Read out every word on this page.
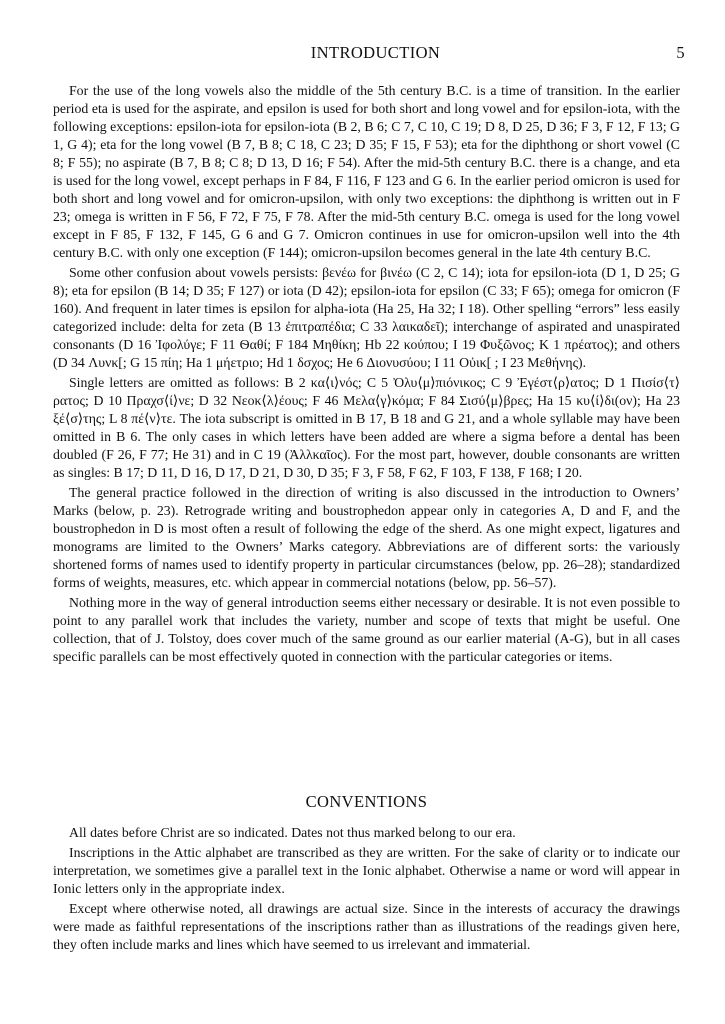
INTRODUCTION	5

For the use of the long vowels also the middle of the 5th century B.C. is a time of transition. In the earlier period eta is used for the aspirate, and epsilon is used for both short and long vowel and for epsilon-iota, with the following exceptions: epsilon-iota for epsilon-iota (B 2, B 6; C 7, C 10, C 19; D 8, D 25, D 36; F 3, F 12, F 13; G 1, G 4); eta for the long vowel (B 7, B 8; C 18, C 23; D 35; F 15, F 53); eta for the diphthong or short vowel (C 8; F 55); no aspirate (B 7, B 8; C 8; D 13, D 16; F 54). After the mid-5th century B.C. there is a change, and eta is used for the long vowel, except perhaps in F 84, F 116, F 123 and G 6. In the earlier period omicron is used for both short and long vowel and for omicron-upsilon, with only two exceptions: the diphthong is written out in F 23; omega is written in F 56, F 72, F 75, F 78. After the mid-5th century B.C. omega is used for the long vowel except in F 85, F 132, F 145, G 6 and G 7. Omicron continues in use for omicron-upsilon well into the 4th century B.C. with only one exception (F 144); omicron-upsilon becomes general in the late 4th century B.C.

Some other confusion about vowels persists: βενέω for βινέω (C 2, C 14); iota for epsilon-iota (D 1, D 25; G 8); eta for epsilon (B 14; D 35; F 127) or iota (D 42); epsilon-iota for epsilon (C 33; F 65); omega for omicron (F 160). And frequent in later times is epsilon for alpha-iota (Ha 25, Ha 32; I 18). Other spelling “errors” less easily categorized include: delta for zeta (B 13 ἐπιτραπέδια; C 33 λαικαδεῖ); interchange of aspirated and unaspirated consonants (D 16 Ἰφολύγε; F 11 Ѳαθί; F 184 Μηθίκη; Hb 22 κούπου; I 19 Φυξῶνος; K 1 πρέατος); and others (D 34 Λυνκ[; G 15 πίη; Ha 1 μήετριο; Hd 1 δσχος; He 6 Διονυσύου; I 11 Οὐικ[ ; I 23 Μεθήνης).

Single letters are omitted as follows: B 2 κα⟨ι⟩νός; C 5 Ὀλυ⟨μ⟩πιόνικος; C 9 Ἐγέστ⟨ρ⟩ατος; D 1 Πισίσ⟨τ⟩ρατος; D 10 Πραχσ⟨ί⟩νε; D 32 Νεοκ⟨λ⟩έους; F 46 Μελα⟨γ⟩κόμα; F 84 Σισύ⟨μ⟩βρες; Ha 15 κυ⟨ί⟩δι(ον); Ha 23 ξέ⟨σ⟩της; L 8 πέ⟨ν⟩τε. The iota subscript is omitted in B 17, B 18 and G 21, and a whole syllable may have been omitted in B 6. The only cases in which letters have been added are where a sigma before a dental has been doubled (F 26, F 77; He 31) and in C 19 (Ἀλλκαῖος). For the most part, however, double consonants are written as singles: B 17; D 11, D 16, D 17, D 21, D 30, D 35; F 3, F 58, F 62, F 103, F 138, F 168; I 20.

The general practice followed in the direction of writing is also discussed in the introduction to Owners’ Marks (below, p. 23). Retrograde writing and boustrophedon appear only in categories A, D and F, and the boustrophedon in D is most often a result of following the edge of the sherd. As one might expect, ligatures and monograms are limited to the Owners’ Marks category. Abbreviations are of different sorts: the variously shortened forms of names used to identify property in particular circumstances (below, pp. 26–28); standardized forms of weights, measures, etc. which appear in commercial notations (below, pp. 56–57).

Nothing more in the way of general introduction seems either necessary or desirable. It is not even possible to point to any parallel work that includes the variety, number and scope of texts that might be useful. One collection, that of J. Tolstoy, does cover much of the same ground as our earlier material (A-G), but in all cases specific parallels can be most effectively quoted in connection with the particular categories or items.

CONVENTIONS

All dates before Christ are so indicated. Dates not thus marked belong to our era.

Inscriptions in the Attic alphabet are transcribed as they are written. For the sake of clarity or to indicate our interpretation, we sometimes give a parallel text in the Ionic alphabet. Otherwise a name or word will appear in Ionic letters only in the appropriate index.

Except where otherwise noted, all drawings are actual size. Since in the interests of accuracy the drawings were made as faithful representations of the inscriptions rather than as illustrations of the readings given here, they often include marks and lines which have seemed to us irrelevant and immaterial.
